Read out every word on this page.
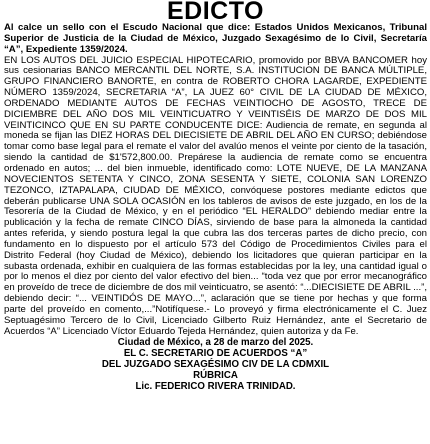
EDICTO

Al calce un sello con el Escudo Nacional que dice: Estados Unidos Mexicanos, Tribunal Superior de Justicia de la Ciudad de México, Juzgado Sexagésimo de lo Civil, Secretaría “A”, Expediente 1359/2024.

EN LOS AUTOS DEL JUICIO ESPECIAL HIPOTECARIO, promovido por BBVA BANCOMER hoy sus cesionarias BANCO MERCANTIL DEL NORTE, S.A. INSTITUCION DE BANCA MÚLTIPLE, GRUPO FINANCIERO BANORTE, en contra de ROBERTO CHORA LAGARDE, EXPEDIENTE NÚMERO 1359/2024, SECRETARIA “A”, LA JUEZ 60° CIVIL DE LA CIUDAD DE MÉXICO, ORDENADO MEDIANTE AUTOS DE FECHAS VEINTIOCHO DE AGOSTO, TRECE DE DICIEMBRE DEL AÑO DOS MIL VEINTICUATRO Y VEINTISÉIS DE MARZO DE DOS MIL VEINTICINCO QUE EN SU PARTE CONDUCENTE DICE: Audiencia de remate, en segunda al moneda se fijan las DIEZ HORAS DEL DIECISIETE DE ABRIL DEL AÑO EN CURSO; debiéndose tomar como base legal para el remate el valor del avalúo menos el veinte por ciento de la tasación, siendo la cantidad de $1'572,800.00. Prepárese la audiencia de remate como se encuentra ordenado en autos; ... del bien inmueble, identificado como: LOTE NUEVE, DE LA MANZANA NOVECIENTOS SETENTA Y CINCO, ZONA SESENTA Y SIETE, COLONIA SAN LORENZO TEZONCO, IZTAPALAPA, CIUDAD DE MÉXICO, convóquese postores mediante edictos que deberán publicarse UNA SOLA OCASIÓN en los tableros de avisos de este juzgado, en los de la Tesorería de la Ciudad de México, y en el periódico “EL HERALDO” debiendo mediar entre la publicación y la fecha de remate CINCO DÍAS, sirviendo de base para la almoneda la cantidad antes referida, y siendo postura legal la que cubra las dos terceras partes de dicho precio, con fundamento en lo dispuesto por el artículo 573 del Código de Procedimientos Civiles para el Distrito Federal (hoy Ciudad de México), debiendo los licitadores que quieran participar en la subasta ordenada, exhibir en cualquiera de las formas establecidas por la ley, una cantidad igual o por lo menos el diez por ciento del valor efectivo del bien... “toda vez que por error mecanográfico en proveído de trece de diciembre de dos mil veinticuatro, se asentó: “...DIECISIETE DE ABRIL ...”, debiendo decir: “... VEINTIDÓS DE MAYO...”, aclaración que se tiene por hechas y que forma parte del proveído en comento,...”Notifíquese.- Lo proveyó y firma electrónicamente el C. Juez Septuagésimo Tercero de lo Civil, Licenciado Gilberto Ruiz Hernández, ante el Secretario de Acuerdos “A” Licenciado Víctor Eduardo Tejeda Hernández, quien autoriza y da Fe.

Ciudad de México, a 28 de marzo del 2025.

EL C. SECRETARIO DE ACUERDOS “A”

DEL JUZGADO SEXAGÉSIMO CIV DE LA CDMXIL

RÚBRICA

Lic. FEDERICO RIVERA TRINIDAD.
